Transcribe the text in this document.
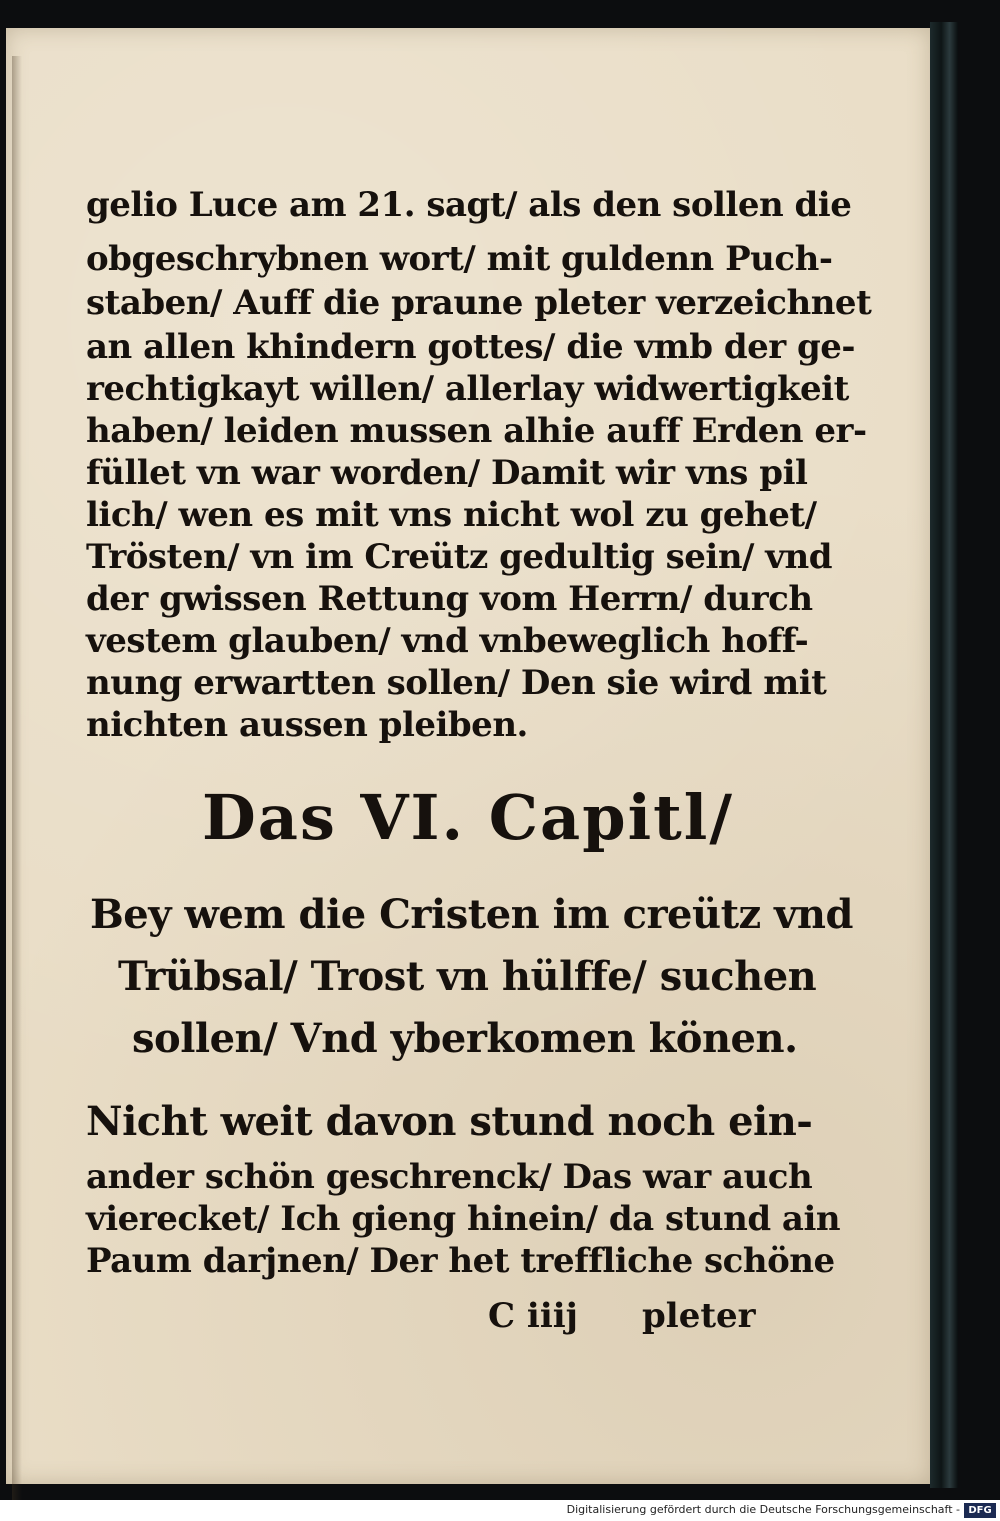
gelio Luce am 21. sagt/ als den sollen die
obgeschrybnen wort/ mit guldenn Puch-
staben/ Auff die praune pleter verzeichnet
an allen khindern gottes/ die vmb der ge-
rechtigkayt willen/ allerlay widwertigkeit
haben/ leiden mussen alhie auff Erden er-
füllet vn war worden/ Damit wir vns pil
lich/ wen es mit vns nicht wol zu gehet/
Trösten/ vn im Creütz gedultig sein/ vnd
der gwissen Rettung vom Herrn/ durch
vestem glauben/ vnd vnbeweglich hoff-
nung erwartten sollen/ Den sie wird mit
nichten aussen pleiben.
Das VI. Capitl/
Bey wem die Cristen im creütz vnd
Trübsal/ Trost vn hülffe/ suchen
sollen/ Vnd yberkomen könen.
Nicht weit davon stund noch ein-
ander schön geschrenck/ Das war auch
vierecket/ Ich gieng hinein/ da stund ain
Paum darjnen/ Der het treffliche schöne
C iiij pleter
Digitalisierung gefördert durch die Deutsche Forschungsgemeinschaft - DFG
